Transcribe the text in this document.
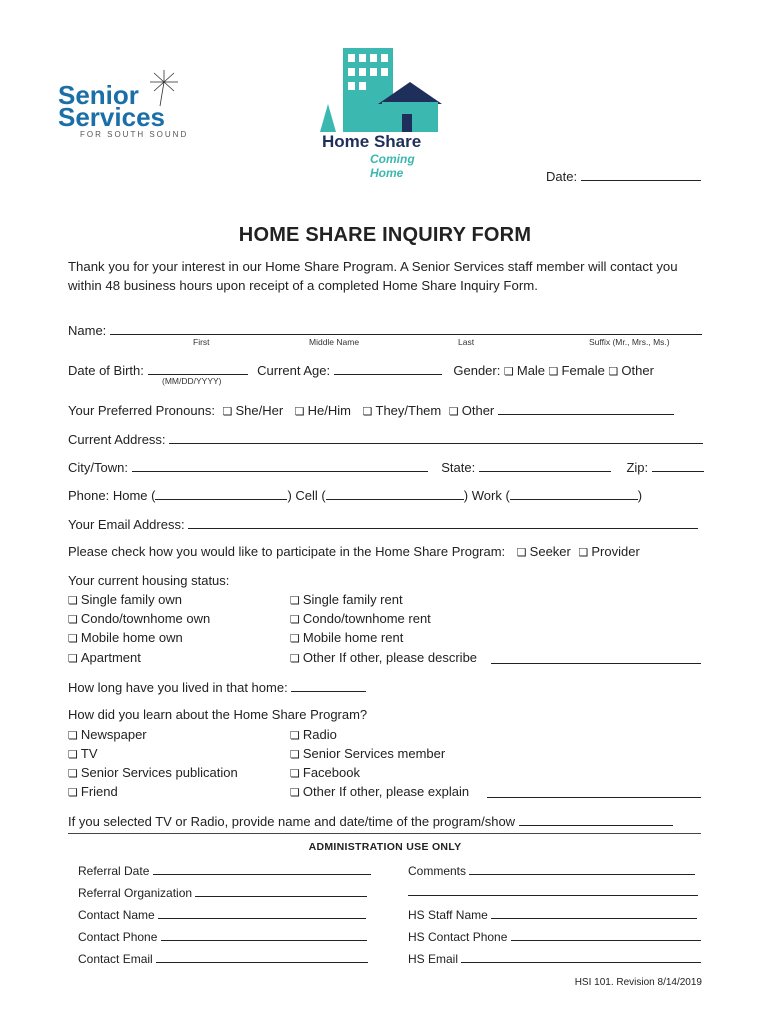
Senior
Services
FOR SOUTH SOUND	Home Share
Coming Home	Date:
HOME SHARE INQUIRY FORM
Thank you for your interest in our Home Share Program. A Senior Services staff member will contact you within 48 business hours upon receipt of a completed Home Share Inquiry Form.
Name:
First	Middle Name	Last	Suffix (Mr., Mrs., Ms.)
Date of Birth:	Current Age:	Gender: ❏ Male ❏ Female ❏ Other
(MM/DD/YYYY)
Your Preferred Pronouns: ❏ She/Her ❏ He/Him ❏ They/Them ❏ Other
Current Address:
City/Town:	State:	Zip:
Phone: Home (	) Cell (	) Work (	)
Your Email Address:
Please check how you would like to participate in the Home Share Program: ❏ Seeker ❏ Provider
Your current housing status:
❏ Single family own
❏ Condo/townhome own
❏ Mobile home own
❏ Apartment
❏ Single family rent
❏ Condo/townhome rent
❏ Mobile home rent
❏ Other If other, please describe
How long have you lived in that home:
How did you learn about the Home Share Program?
❏ Newspaper
❏ TV
❏ Senior Services publication
❏ Friend
❏ Radio
❏ Senior Services member
❏ Facebook
❏ Other If other, please explain
If you selected TV or Radio, provide name and date/time of the program/show
ADMINISTRATION USE ONLY
Referral Date
Referral Organization
Contact Name
Contact Phone
Contact Email
Comments
HS Staff Name
HS Contact Phone
HS Email
HSI 101. Revision 8/14/2019
